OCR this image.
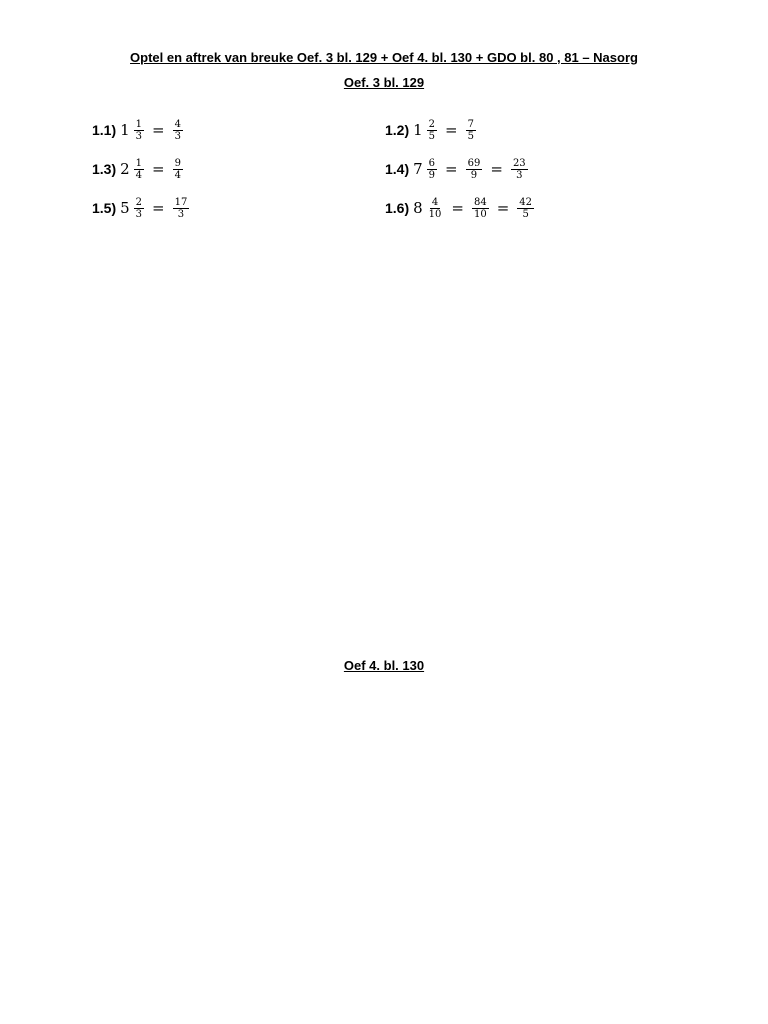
Optel en aftrek van breuke Oef. 3 bl. 129 + Oef 4. bl. 130 + GDO bl. 80 , 81 – Nasorg
Oef. 3 bl. 129
1.1) $1 \frac{1}{3} = \frac{4}{3}$	1.2) $1 \frac{2}{5} = \frac{7}{5}$
1.3) $2 \frac{1}{4} = \frac{9}{4}$	1.4) $7 \frac{6}{9} = \frac{69}{9} = \frac{23}{3}$
1.5) $5 \frac{2}{3} = \frac{17}{3}$	1.6) $8 \frac{4}{10} = \frac{84}{10} = \frac{42}{5}$
Oef 4. bl. 130
